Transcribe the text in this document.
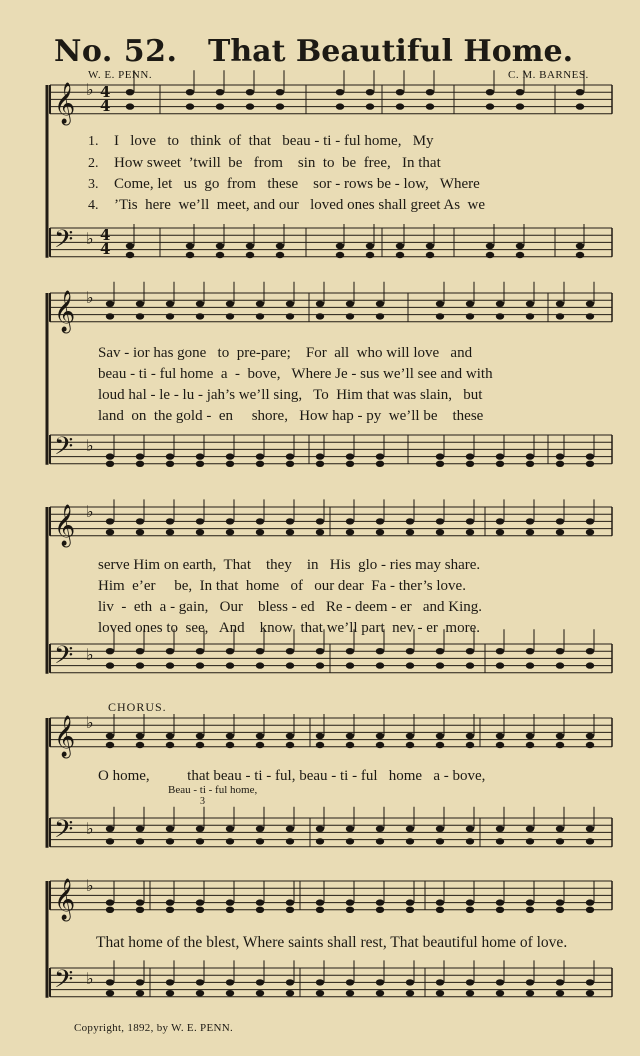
𝄞 ♭
𝄢 ♭
𝄞 ♭
𝄢 ♭
𝄞 ♭
𝄢 ♭
𝄞 ♭
𝄢 ♭
𝄞 ♭
𝄢 ♭
4
4
4
4
No. 52. That Beautiful Home.
W. E. PENN.	C. M. BARNES.
1.
2.
3.
4.
I   love   to   think  of  that   beau - ti - ful home,   My
How sweet  ’twill  be   from    sin  to  be  free,   In that
Come, let   us  go  from   these    sor - rows be - low,   Where
’Tis  here  we’ll  meet, and our   loved ones shall greet As  we
Sav - ior has gone   to  pre-pare;    For  all  who will love   and
beau - ti - ful home  a  -  bove,   Where Je - sus we’ll see and with
loud hal - le - lu - jah’s we’ll sing,   To  Him that was slain,   but
land  on  the gold -  en     shore,   How hap - py  we’ll be    these
serve Him on earth,  That    they    in   His  glo - ries may share.
Him  e’er     be,  In that  home   of   our dear  Fa - ther’s love.
liv  -  eth  a - gain,   Our    bless - ed   Re - deem - er   and King.
loved ones to  see,   And    know  that we’ll part  nev - er  more.
CHORUS.
O home,          that beau - ti - ful, beau - ti - ful   home   a - bove,
Beau - ti - ful home,
3
That home of the blest, Where saints shall rest, That beautiful home of love.
Copyright, 1892, by W. E. PENN.
